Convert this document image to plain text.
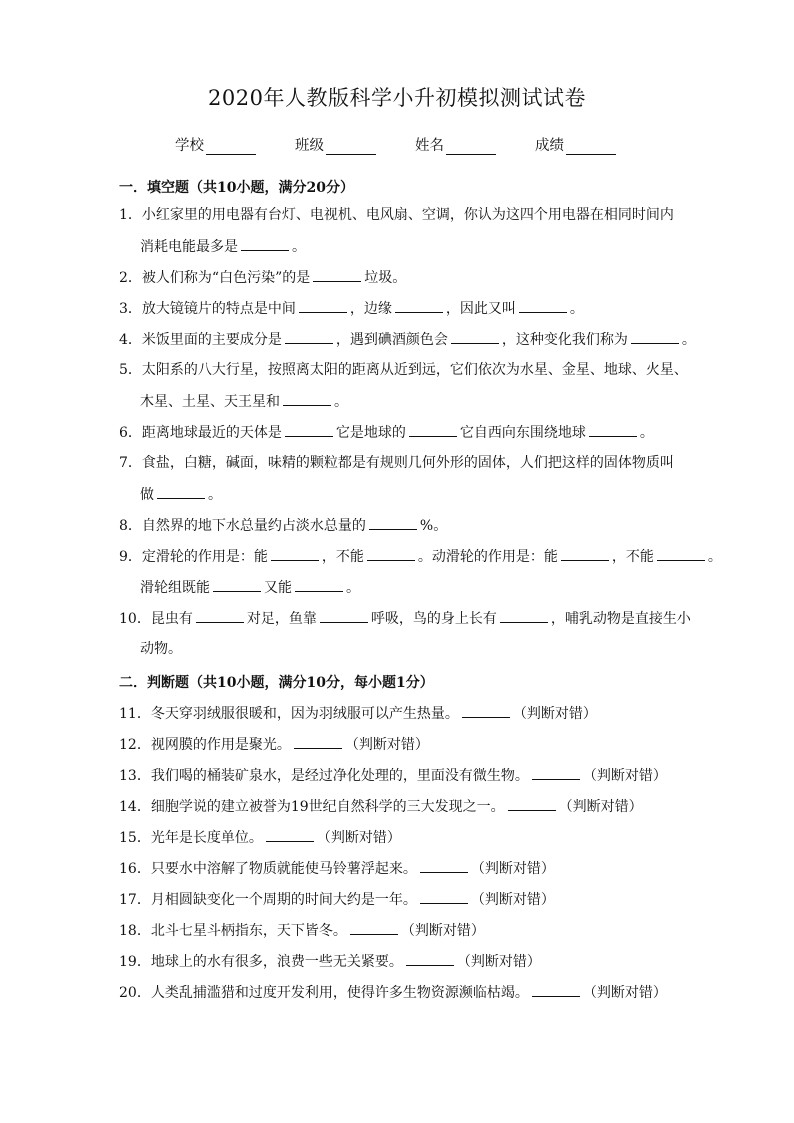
2020年人教版科学小升初模拟测试试卷
学校	班级	姓名	成绩
一．填空题（共10小题，满分20分）
1．小红家里的用电器有台灯、电视机、电风扇、空调，你认为这四个用电器在相同时间内
消耗电能最多是	。
2．被人们称为“白色污染”的是	垃圾。
3．放大镜镜片的特点是中间	，边缘	，因此又叫	。
4．米饭里面的主要成分是	，遇到碘酒颜色会	，这种变化我们称为	。
5．太阳系的八大行星，按照离太阳的距离从近到远，它们依次为水星、金星、地球、火星、
木星、土星、天王星和	。
6．距离地球最近的天体是	它是地球的	它自西向东围绕地球	。
7．食盐，白糖，碱面，味精的颗粒都是有规则几何外形的固体，人们把这样的固体物质叫
做	。
8．自然界的地下水总量约占淡水总量的	%。
9．定滑轮的作用是：能	，不能	。动滑轮的作用是：能	，不能	。
滑轮组既能	又能	。
10．昆虫有	对足，鱼靠	呼吸，鸟的身上长有	，哺乳动物是直接生小
动物。
二．判断题（共10小题，满分10分，每小题1分）
11．冬天穿羽绒服很暖和，因为羽绒服可以产生热量。	（判断对错）
12．视网膜的作用是聚光。	（判断对错）
13．我们喝的桶装矿泉水，是经过净化处理的，里面没有微生物。	（判断对错）
14．细胞学说的建立被誉为19世纪自然科学的三大发现之一。	（判断对错）
15．光年是长度单位。	（判断对错）
16．只要水中溶解了物质就能使马铃薯浮起来。	（判断对错）
17．月相圆缺变化一个周期的时间大约是一年。	（判断对错）
18．北斗七星斗柄指东，天下皆冬。	（判断对错）
19．地球上的水有很多，浪费一些无关紧要。	（判断对错）
20．人类乱捕滥猎和过度开发利用，使得许多生物资源濒临枯竭。	（判断对错）
